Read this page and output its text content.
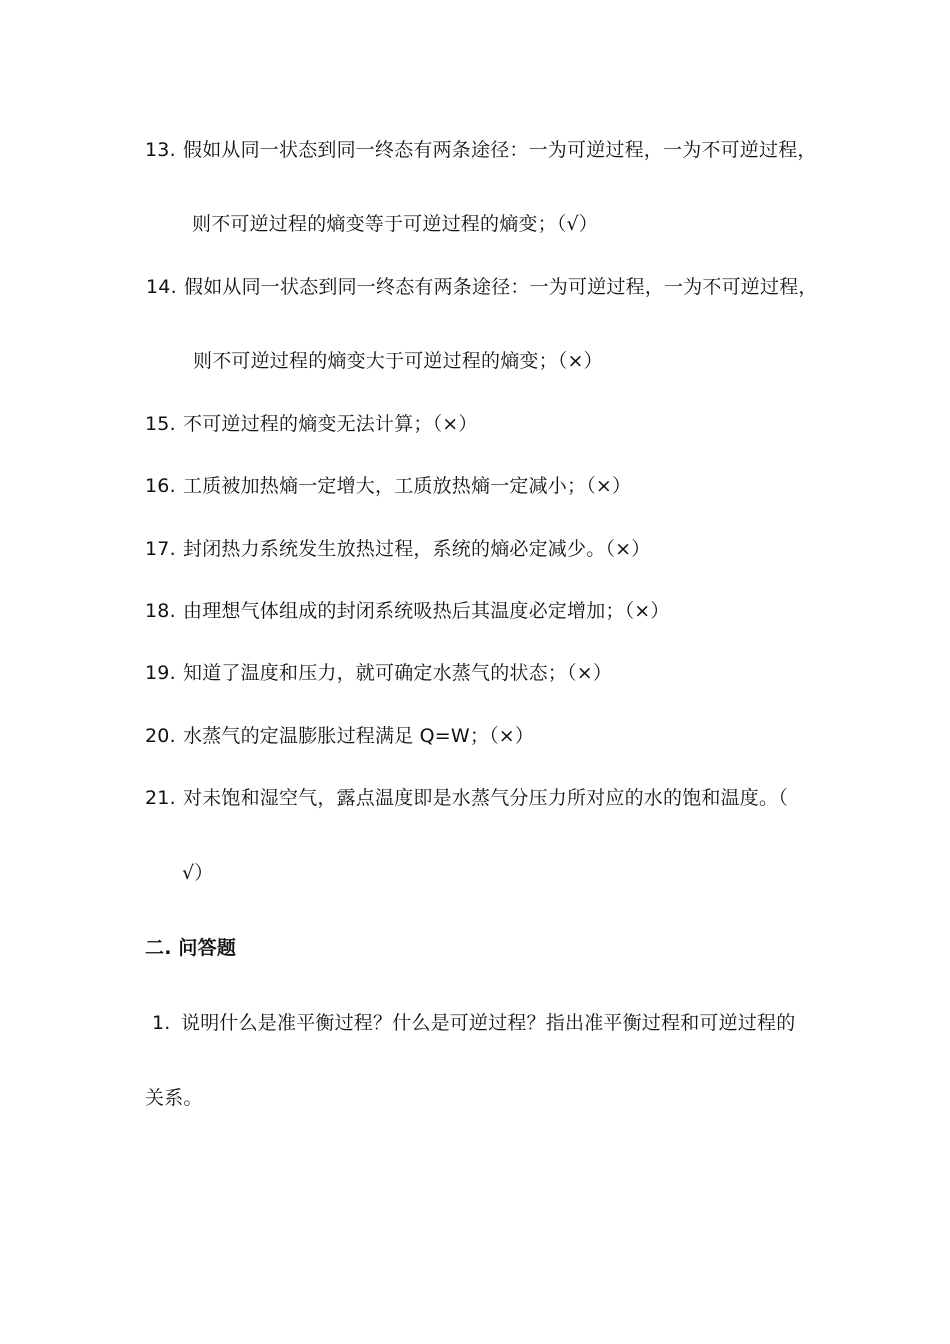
13. 假如从同一状态到同一终态有两条途径：一为可逆过程，一为不可逆过程，
则不可逆过程的熵变等于可逆过程的熵变；（√）
14. 假如从同一状态到同一终态有两条途径：一为可逆过程，一为不可逆过程，
则不可逆过程的熵变大于可逆过程的熵变；（×）
15. 不可逆过程的熵变无法计算；（×）
16. 工质被加热熵一定增大，工质放热熵一定减小；（×）
17. 封闭热力系统发生放热过程，系统的熵必定减少。（×）
18. 由理想气体组成的封闭系统吸热后其温度必定增加；（×）
19. 知道了温度和压力，就可确定水蒸气的状态；（×）
20. 水蒸气的定温膨胀过程满足 Q=W；（×）
21. 对未饱和湿空气，露点温度即是水蒸气分压力所对应的水的饱和温度。（
√）
二. 问答题
1. 说明什么是准平衡过程？什么是可逆过程？指出准平衡过程和可逆过程的
关系。
